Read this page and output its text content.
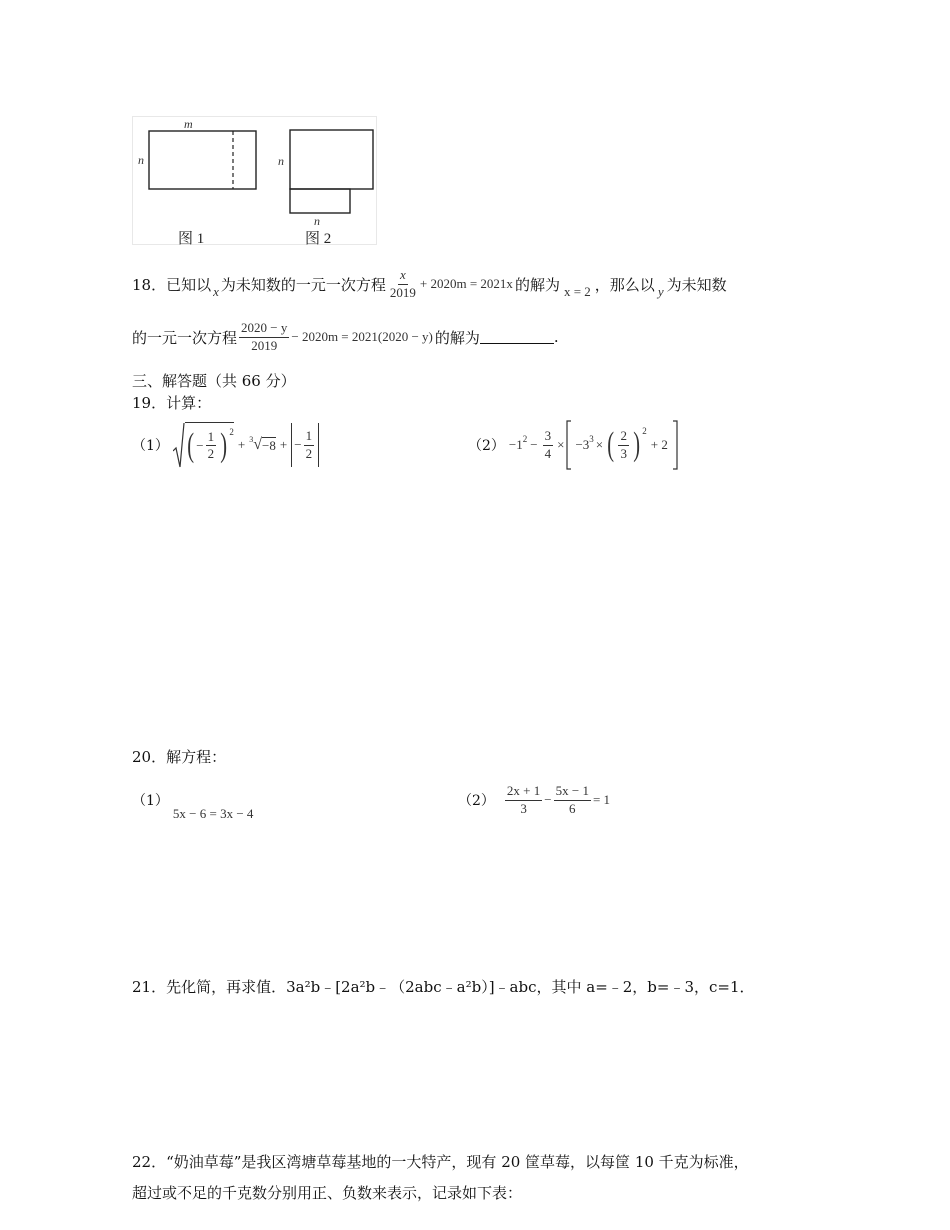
m
n
图 1
n
n
图 2
18． 已知以 x 为未知数的一元一次方程 $\frac{x}{2019} + 2020m = 2021x$ 的解为 x = 2 ，那么以 y 为未知数
的一元一次方程 $\frac{2020 - y}{2019} - 2020m = 2021(2020 - y)$ 的解为	.
三、解答题（共 66 分）
19．计算：
（1） ( − $\frac{1}{2}$ ) 2
+ 3 √ −8 + − $\frac{1}{2}$	（2） −1 $2 - \frac{3}{4} \times -3$ 3 × ( $\frac{2}{3}$ ) 2
+ 2
20．解方程：
（1）
5x − 6 = 3x − 4
$(2) \frac{2x + 1}{3} - \frac{5x - 1}{6} = 1$
21．先化简，再求值．3a²b﹣[2a²b﹣（2abc﹣a²b）]﹣abc，其中 a=﹣2，b=﹣3，c=1．
22．“奶油草莓”是我区湾塘草莓基地的一大特产，现有 20 筐草莓，以每筐 10 千克为标准，
超过或不足的千克数分别用正、负数来表示，记录如下表：
